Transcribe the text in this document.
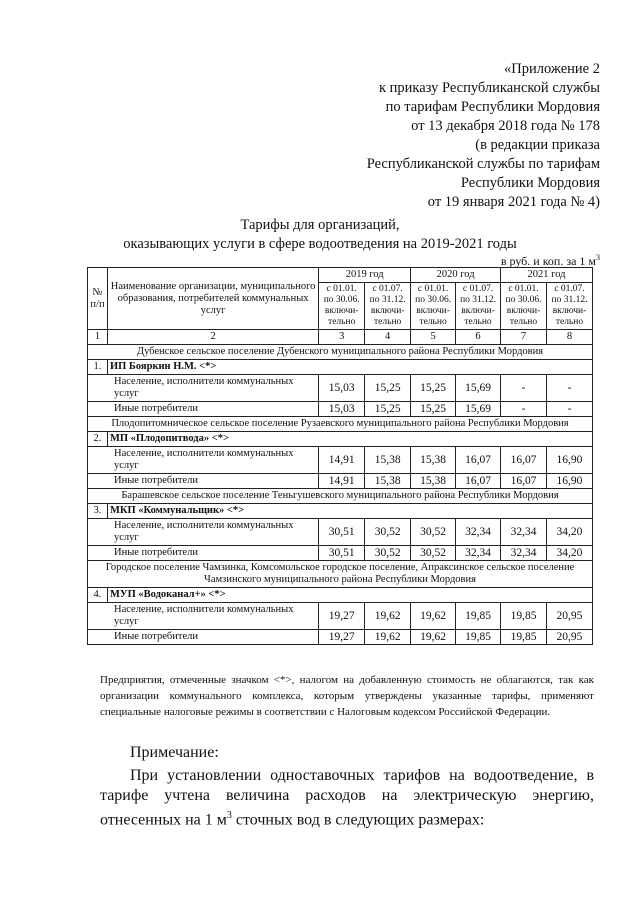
«Приложение 2
к приказу Республиканской службы
по тарифам Республики Мордовия
от 13 декабря 2018 года № 178
(в редакции приказа
Республиканской службы по тарифам
Республики Мордовия
от 19 января 2021 года № 4)
Тарифы для организаций,
оказывающих услуги в сфере водоотведения на 2019-2021 годы
в руб. и коп. за 1 $м^3$
№ п/п	Наименование организации, муниципального образования, потребителей коммунальных услуг	2019 год		2020 год		2021 год	
		с 01.01. по 30.06. включи-тельно	с 01.07. по 31.12. включи-тельно	с 01.01. по 30.06. включи-тельно	с 01.07. по 31.12. включи-тельно	с 01.01. по 30.06. включи-тельно	с 01.07. по 31.12. включи-тельно
1	2	3	4	5	6	7	8
Дубенское сельское поселение Дубенского муниципального района Республики Мордовия							
1.	ИП Бояркин Н.М. <*>						
Население, исполнители коммунальных услуг		15,03	15,25	15,25	15,69	-	-
Иные потребители		15,03	15,25	15,25	15,69	-	-
Плодопитомническое сельское поселение Рузаевского муниципального района Республики Мордовия							
2.	МП «Плодопитвода» <*>						
Население, исполнители коммунальных услуг		14,91	15,38	15,38	16,07	16,07	16,90
Иные потребители		14,91	15,38	15,38	16,07	16,07	16,90
Барашевское сельское поселение Теньгушевского муниципального района Республики Мордовия							
3.	МКП «Коммунальщик» <*>						
Население, исполнители коммунальных услуг		30,51	30,52	30,52	32,34	32,34	34,20
Иные потребители		30,51	30,52	30,52	32,34	32,34	34,20
Городское поселение Чамзинка, Комсомольское городское поселение, Апраксинское сельское поселение Чамзинского муниципального района Республики Мордовия							
4.	МУП «Водоканал+» <*>						
Население, исполнители коммунальных услуг		19,27	19,62	19,62	19,85	19,85	20,95
Иные потребители		19,27	19,62	19,62	19,85	19,85	20,95
Предприятия, отмеченные значком <*>, налогом на добавленную стоимость не облагаются, так как организации коммунального комплекса, которым утверждены указанные тарифы, применяют специальные налоговые режимы в соответствии с Налоговым кодексом Российской Федерации.
Примечание:
При установлении одноставочных тарифов на водоотведение, в тарифе учтена величина расходов на электрическую энергию, отнесенных на 1 $м^3$ сточных вод в следующих размерах:
